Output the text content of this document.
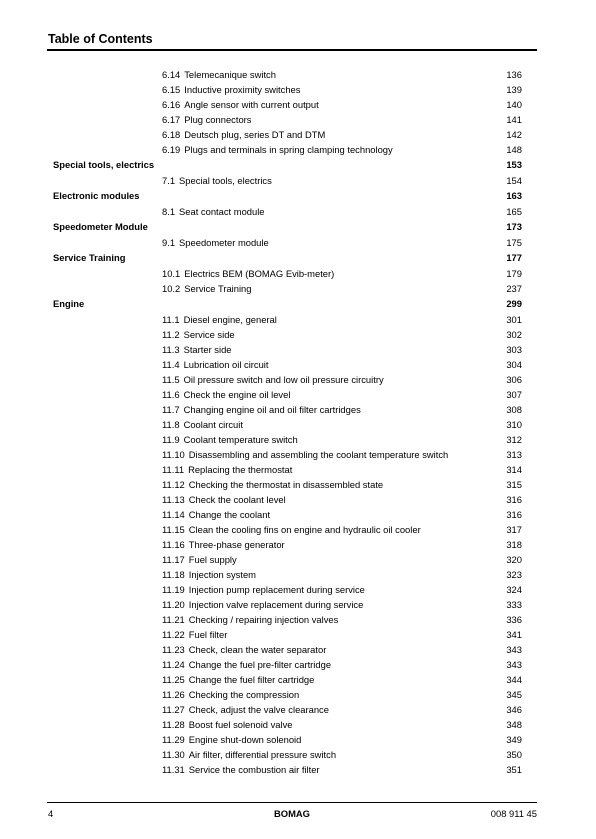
Table of Contents
6.14 Telemecanique switch	136
6.15 Inductive proximity switches	139
6.16 Angle sensor with current output	140
6.17 Plug connectors	141
6.18 Deutsch plug, series DT and DTM	142
6.19 Plugs and terminals in spring clamping technology	148
Special tools, electrics	153
7.1 Special tools, electrics	154
Electronic modules	163
8.1 Seat contact module	165
Speedometer Module	173
9.1 Speedometer module	175
Service Training	177
10.1 Electrics BEM (BOMAG Evib-meter)	179
10.2 Service Training	237
Engine	299
11.1 Diesel engine, general	301
11.2 Service side	302
11.3 Starter side	303
11.4 Lubrication oil circuit	304
11.5 Oil pressure switch and low oil pressure circuitry	306
11.6 Check the engine oil level	307
11.7 Changing engine oil and oil filter cartridges	308
11.8 Coolant circuit	310
11.9 Coolant temperature switch	312
11.10 Disassembling and assembling the coolant temperature switch	313
11.11 Replacing the thermostat	314
11.12 Checking the thermostat in disassembled state	315
11.13 Check the coolant level	316
11.14 Change the coolant	316
11.15 Clean the cooling fins on engine and hydraulic oil cooler	317
11.16 Three-phase generator	318
11.17 Fuel supply	320
11.18 Injection system	323
11.19 Injection pump replacement during service	324
11.20 Injection valve replacement during service	333
11.21 Checking / repairing injection valves	336
11.22 Fuel filter	341
11.23 Check, clean the water separator	343
11.24 Change the fuel pre-filter cartridge	343
11.25 Change the fuel filter cartridge	344
11.26 Checking the compression	345
11.27 Check, adjust the valve clearance	346
11.28 Boost fuel solenoid valve	348
11.29 Engine shut-down solenoid	349
11.30 Air filter, differential pressure switch	350
11.31 Service the combustion air filter	351
4	BOMAG	008 911 45
